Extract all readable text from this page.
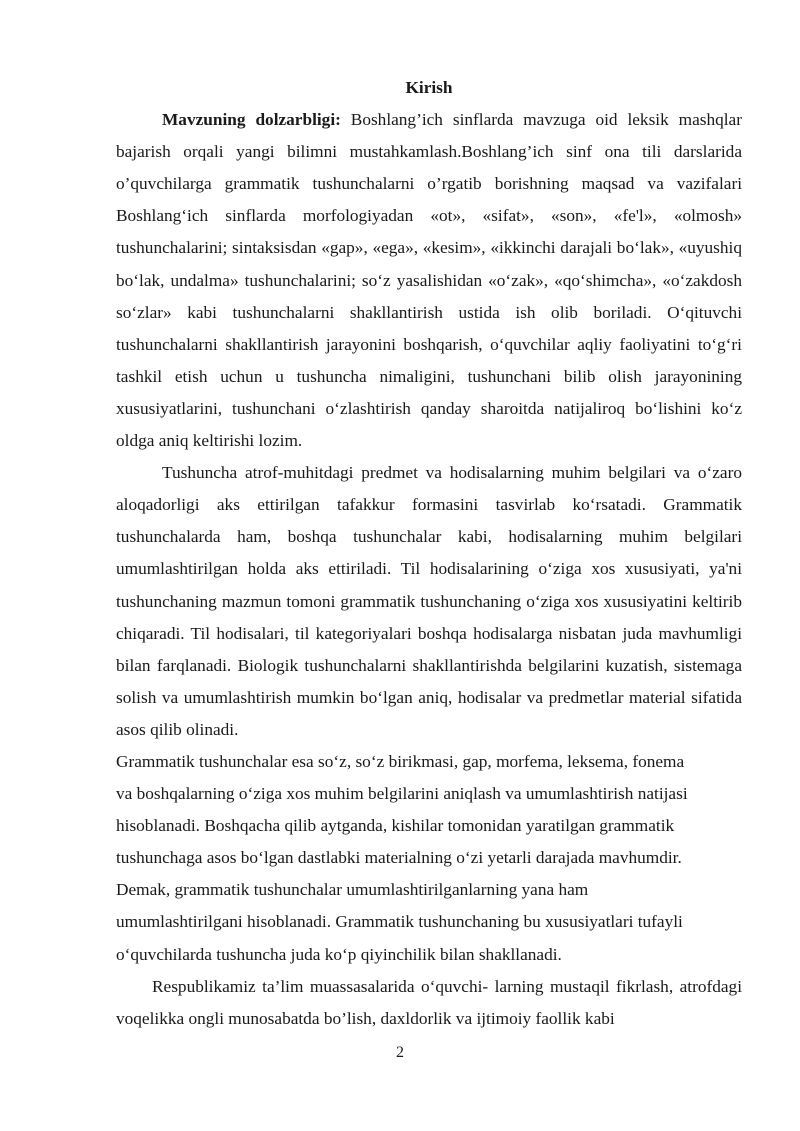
Kirish

Mavzuning dolzarbligi: Boshlang’ich sinflarda mavzuga oid leksik mashqlar bajarish orqali yangi bilimni mustahkamlash.Boshlang’ich sinf ona tili darslarida o’quvchilarga grammatik tushunchalarni o’rgatib borishning maqsad va vazifalari Boshlang‘ich sinflarda morfologiyadan «ot», «sifat», «son», «fe'l», «olmosh» tushunchalarini; sintaksisdan «gap», «ega», «kesim», «ikkinchi darajali bo‘lak», «uyushiq bo‘lak, undalma» tushunchalarini; so‘z yasalishidan «o‘zak», «qo‘shimcha», «o‘zakdosh so‘zlar» kabi tushunchalarni shakllantirish ustida ish olib boriladi. O‘qituvchi tushunchalarni shakllantirish jarayonini boshqarish, o‘quvchilar aqliy faoliyatini to‘g‘ri tashkil etish uchun u tushuncha nimaligini, tushunchani bilib olish jarayonining xususiyatlarini, tushunchani o‘zlashtirish qanday sharoitda natijaliroq bo‘lishini ko‘z oldga aniq keltirishi lozim.

Tushuncha atrof-muhitdagi predmet va hodisalarning muhim belgilari va o‘zaro aloqadorligi aks ettirilgan tafakkur formasini tasvirlab ko‘rsatadi. Grammatik tushunchalarda ham, boshqa tushunchalar kabi, hodisalarning muhim belgilari umumlashtirilgan holda aks ettiriladi. Til hodisalarining o‘ziga xos xususiyati, ya'ni tushunchaning mazmun tomoni grammatik tushunchaning o‘ziga xos xususiyatini keltirib chiqaradi. Til hodisalari, til kategoriyalari boshqa hodisalarga nisbatan juda mavhumligi bilan farqlanadi. Biologik tushunchalarni shakllantirishda belgilarini kuzatish, sistemaga solish va umumlashtirish mumkin bo‘lgan aniq, hodisalar va predmetlar material sifatida asos qilib olinadi.

Grammatik tushunchalar esa so‘z, so‘z birikmasi, gap, morfema, leksema, fonema
va boshqalarning o‘ziga xos muhim belgilarini aniqlash va umumlashtirish natijasi
hisoblanadi. Boshqacha qilib aytganda, kishilar tomonidan yaratilgan grammatik
tushunchaga asos bo‘lgan dastlabki materialning o‘zi yetarli darajada mavhumdir.
Demak, grammatik tushunchalar umumlashtirilganlarning yana ham
umumlashtirilgani hisoblanadi. Grammatik tushunchaning bu xususiyatlari tufayli
o‘quvchilarda tushuncha juda ko‘p qiyinchilik bilan shakllanadi.

Respublikamiz ta’lim muassasalarida o‘quvchi- larning mustaqil fikrlash, atrofdagi voqelikka ongli munosabatda bo’lish, daxldorlik va ijtimoiy faollik kabi

2
